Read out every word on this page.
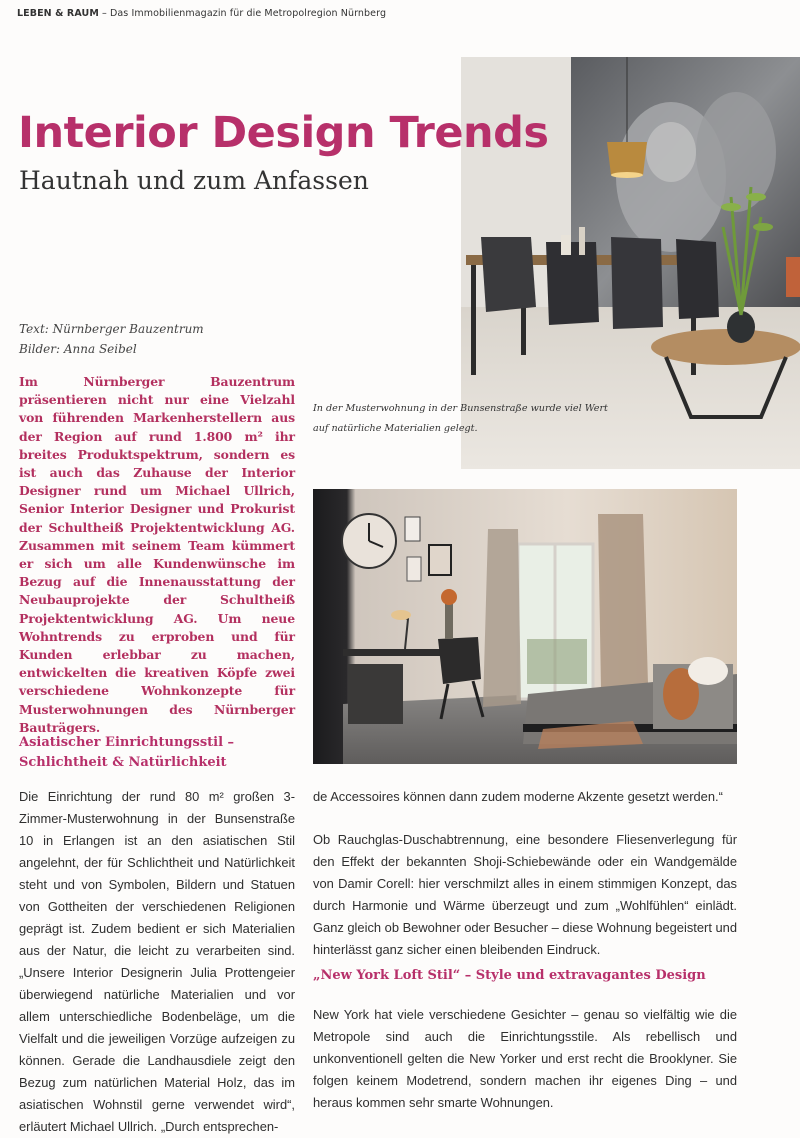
LEBEN & RAUM – Das Immobilienmagazin für die Metropolregion Nürnberg
Interior Design Trends
Hautnah und zum Anfassen
Text: Nürnberger Bauzentrum
Bilder: Anna Seibel
In der Musterwohnung in der Bunsenstraße wurde viel Wert auf natürliche Materialien gelegt.

Im Nürnberger Bauzentrum präsentieren nicht nur eine Vielzahl von führenden Markenherstellern aus der Region auf rund 1.800 m² ihr breites Produktspektrum, sondern es ist auch das Zuhause der Interior Designer rund um Michael Ullrich, Senior Interior Designer und Prokurist der Schultheiß Projektentwicklung AG. Zusammen mit seinem Team kümmert er sich um alle Kundenwünsche im Bezug auf die Innenausstattung der Neubauprojekte der Schultheiß Projektentwicklung AG. Um neue Wohntrends zu erproben und für Kunden erlebbar zu machen, entwickelten die kreativen Köpfe zwei verschiedene Wohnkonzepte für Musterwohnungen des Nürnberger Bauträgers.

Asiatischer Einrichtungsstil – Schlichtheit & Natürlichkeit

Die Einrichtung der rund 80 m² großen 3-Zimmer-Musterwohnung in der Bunsenstraße 10 in Erlangen ist an den asiatischen Stil angelehnt, der für Schlichtheit und Natürlichkeit steht und von Symbolen, Bildern und Statuen von Gottheiten der verschiedenen Religionen geprägt ist. Zudem bedient er sich Materialien aus der Natur, die leicht zu verarbeiten sind. „Unsere Interior Designerin Julia Prottengeier überwiegend natürliche Materialien und vor allem unterschiedliche Bodenbeläge, um die Vielfalt und die jeweiligen Vorzüge aufzeigen zu können. Gerade die Landhausdiele zeigt den Bezug zum natürlichen Material Holz, das im asiatischen Wohnstil gerne verwendet wird“, erläutert Michael Ullrich. „Durch entsprechen-

de Accessoires können dann zudem moderne Akzente gesetzt werden.“

Ob Rauchglas-Duschabtrennung, eine besondere Fliesenverlegung für den Effekt der bekannten Shoji-Schiebewände oder ein Wandgemälde von Damir Corell: hier verschmilzt alles in einem stimmigen Konzept, das durch Harmonie und Wärme überzeugt und zum „Wohlfühlen“ einlädt. Ganz gleich ob Bewohner oder Besucher – diese Wohnung begeistert und hinterlässt ganz sicher einen bleibenden Eindruck.

„New York Loft Stil“ – Style und extravagantes Design

New York hat viele verschiedene Gesichter – genau so vielfältig wie die Metropole sind auch die Einrichtungsstile. Als rebellisch und unkonventionell gelten die New Yorker und erst recht die Brooklyner. Sie folgen keinem Modetrend, sondern machen ihr eigenes Ding – und heraus kommen sehr smarte Wohnungen.
